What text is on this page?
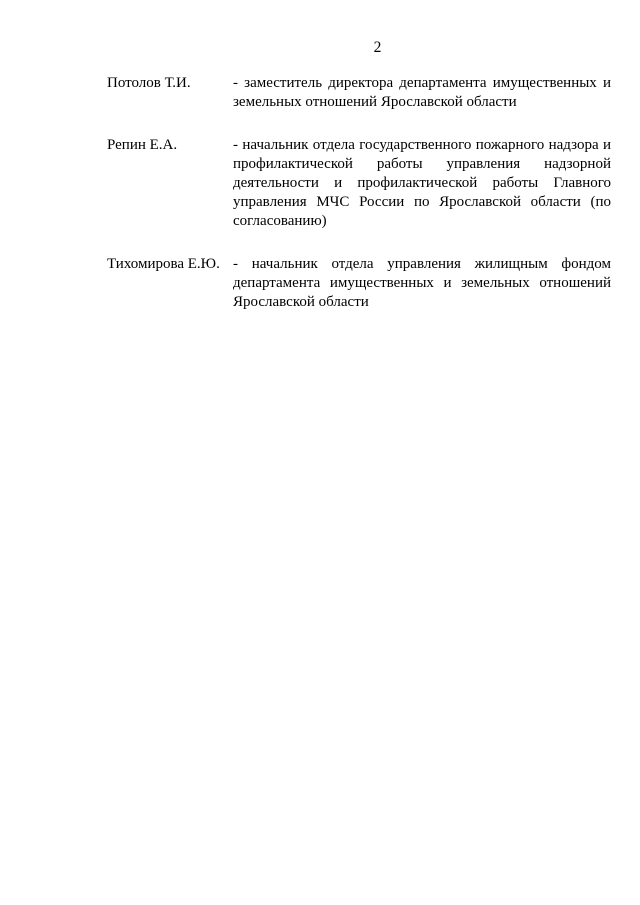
2
Потолов Т.И.	- заместитель директора департамента имущественных и земельных отношений Ярославской области
Репин Е.А.	- начальник отдела государственного пожарного надзора и профилактической работы управления надзорной деятельности и профилактической работы Главного управления МЧС России по Ярославской области (по согласованию)
Тихомирова Е.Ю. - начальник отдела управления жилищным фондом департамента имущественных и земельных отношений Ярославской области
